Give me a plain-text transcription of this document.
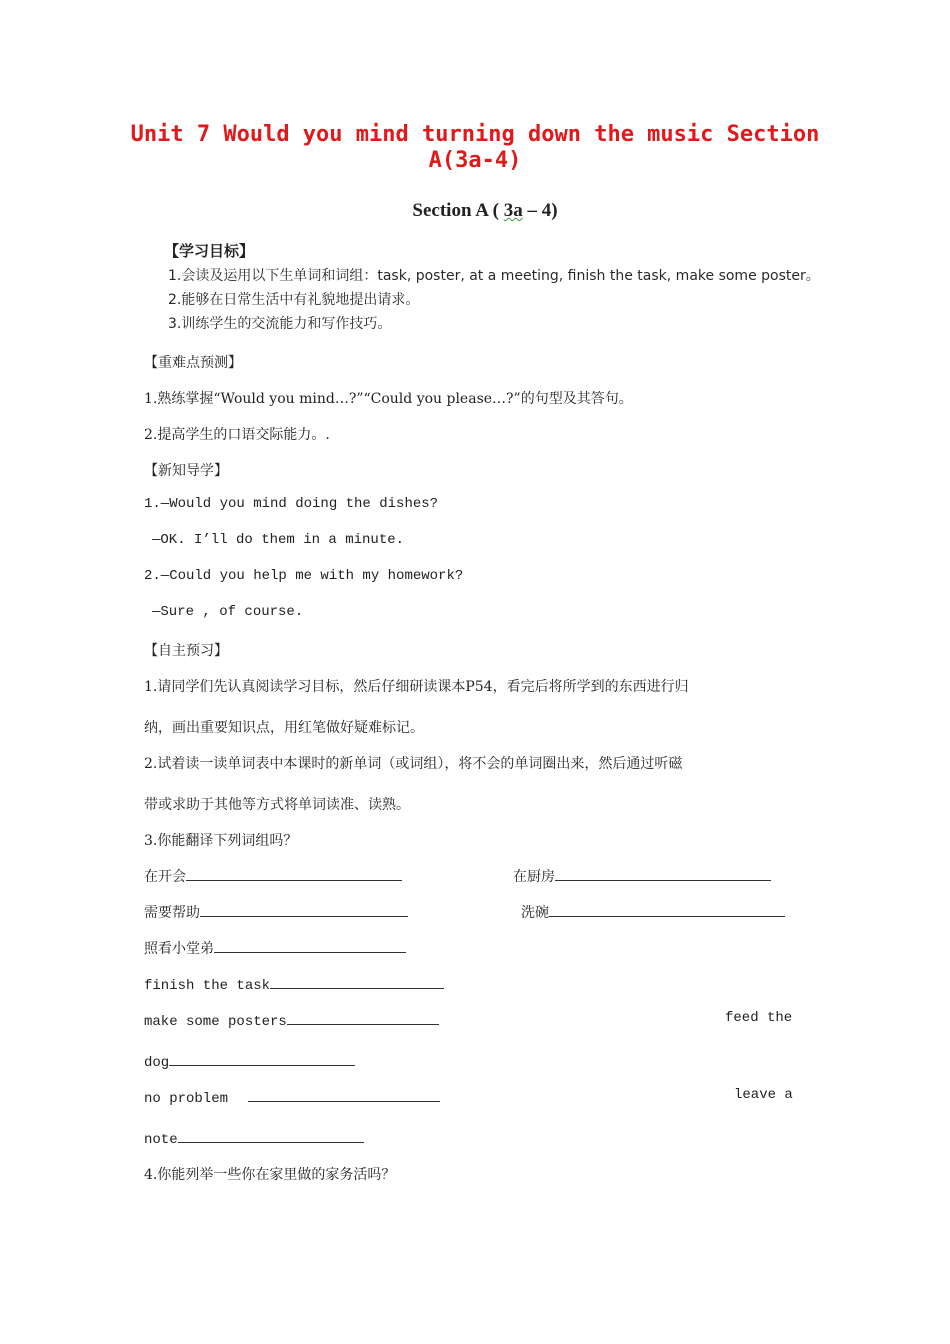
Unit 7 Would you mind turning down the music Section A(3a-4)
Section A ( 3a – 4)
【学习目标】
1.会读及运用以下生单词和词组：task, poster, at a meeting, finish the task, make some poster。
2.能够在日常生活中有礼貌地提出请求。
3.训练学生的交流能力和写作技巧。
【重难点预测】
1.熟练掌握“Would you mind…?”“Could you please…?”的句型及其答句。
2.提高学生的口语交际能力。.
【新知导学】
1.—Would you mind doing the dishes?
—OK. I’ll do them in a minute.
2.—Could you help me with my homework?
—Sure , of course.
【自主预习】
1.请同学们先认真阅读学习目标，然后仔细研读课本P54，看完后将所学到的东西进行归
纳，画出重要知识点，用红笔做好疑难标记。
2.试着读一读单词表中本课时的新单词（或词组），将不会的单词圈出来，然后通过听磁
带或求助于其他等方式将单词读准、读熟。
3.你能翻译下列词组吗？
在开会	在厨房
需要帮助	洗碗
照看小堂弟
finish the task
make some posters	feed the
dog
no problem	leave a
note
4.你能列举一些你在家里做的家务活吗？
